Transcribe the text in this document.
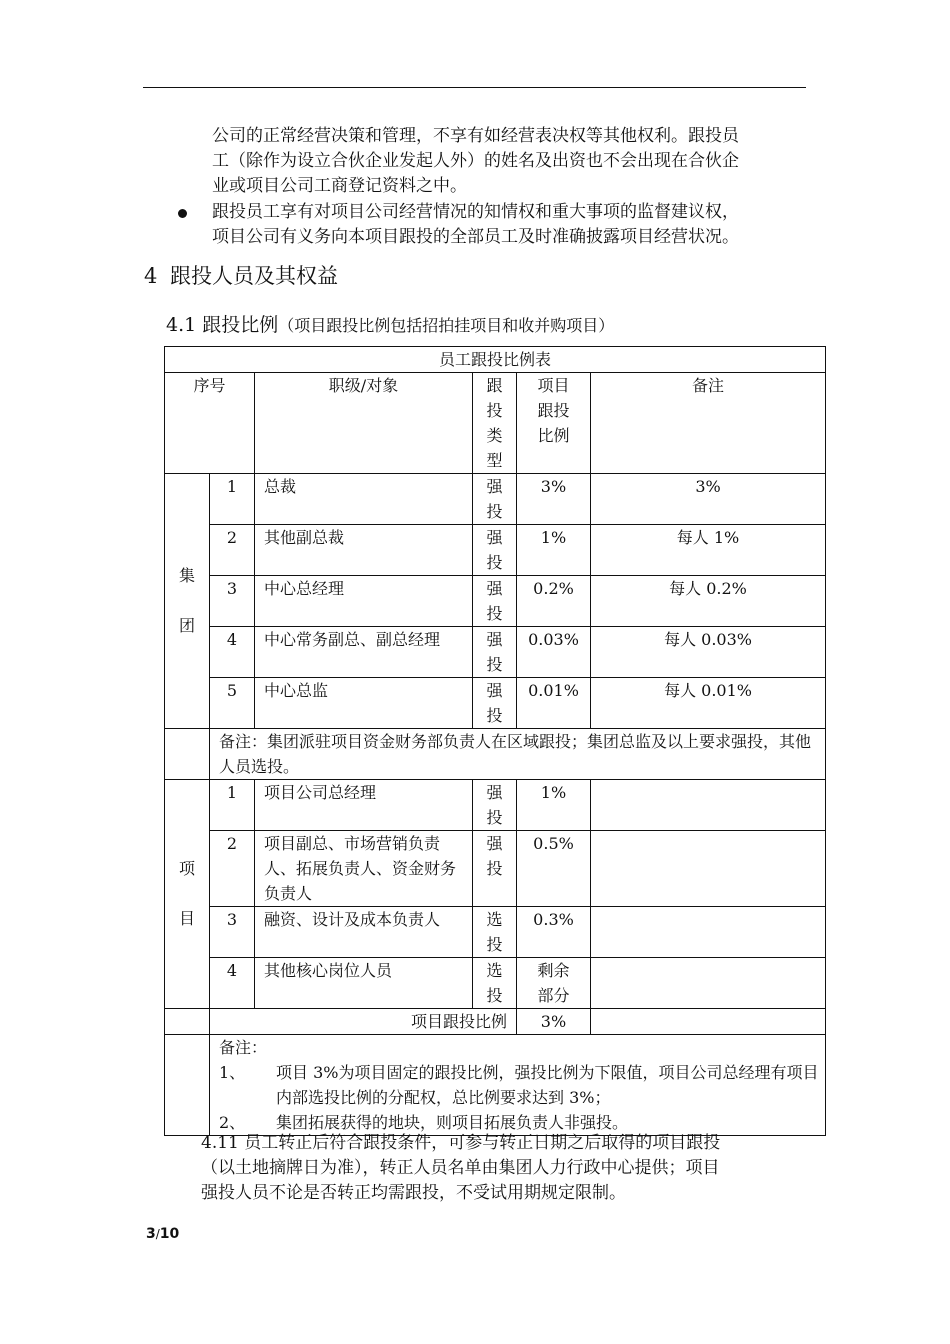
公司的正常经营决策和管理，不享有如经营表决权等其他权利。跟投员
工（除作为设立合伙企业发起人外）的姓名及出资也不会出现在合伙企
业或项目公司工商登记资料之中。
跟投员工享有对项目公司经营情况的知情权和重大事项的监督建议权，
项目公司有义务向本项目跟投的全部员工及时准确披露项目经营状况。
4 跟投人员及其权益
4.1 跟投比例（项目跟投比例包括招拍挂项目和收并购项目）
员工跟投比例表					
序号		职级/对象	跟投类型	项目跟投比例	备注

集团	1	总裁	强投	3%	3%
	2	其他副总裁	强投	1%	每人 1%
	3	中心总经理	强投	0.2%	每人 0.2%
	4	中心常务副总、副总经理	强投	0.03%	每人 0.03%
	5	中心总监	强投	0.01%	每人 0.01%

	备注：集团派驻项目资金财务部负责人在区域跟投；集团总监及以上要求强投，其他人员选投。				

项目	1	项目公司总经理	强投	1%	
	2	项目副总、市场营销负责人、拓展负责人、资金财务负责人	强投	0.5%	
	3	融资、设计及成本负责人	选投	0.3%	
	4	其他核心岗位人员	选投	剩余部分	

	项目跟投比例			3%	

	备注：
1、 项目 3%为项目固定的跟投比例，强投比例为下限值，项目公司总经理有项目内部选投比例的分配权，总比例要求达到 3%；
2、 集团拓展获得的地块，则项目拓展负责人非强投。				
4.11 员工转正后符合跟投条件，可参与转正日期之后取得的项目跟投
（以土地摘牌日为准），转正人员名单由集团人力行政中心提供；项目
强投人员不论是否转正均需跟投，不受试用期规定限制。
3/10
